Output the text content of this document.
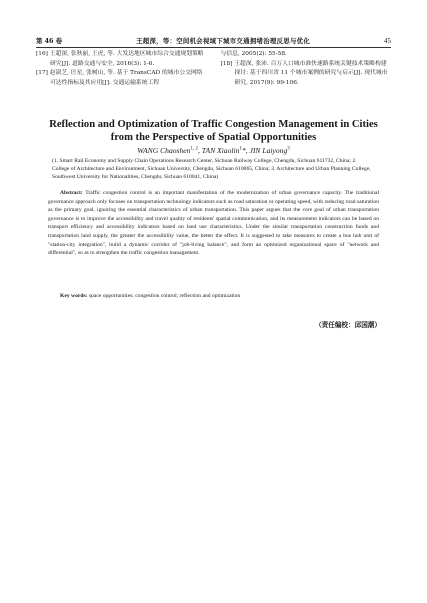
第 46 卷	王超深，等：空间机会视域下城市交通拥堵治理反思与优化	45
[16] 王超深, 张秋丽, 王虎, 等. 大发达地区城市综合交通规划策略研究[J]. 道路交通与安全, 2016(3): 1-6.
[17] 赵淑芝, 匡星, 张树山, 等. 基于 TransCAD 的城市公交网络可达性指标及其应用[J]. 交通运输系统工程
与信息, 2005(2): 55-58.
[18] 王超深, 张沛. 百万人口城市准快速路系统关键技术策略构建探讨: 基于四川省 11 个城市案例的研究与启示[J]. 现代城市研究, 2017(9): 99-106.
Reflection and Optimization of Traffic Congestion Management in Cities from the Perspective of Spatial Opportunities
WANG Chaoshen$^{1, 2}$, TAN Xiaolin$^1$*, JIN Laiyong$^3$
(1. Smart Rail Economy and Supply Chain Operations Research Center, Sichuan Railway College, Chengdu, Sichuan 611732, China; 2. College of Architecture and Environment, Sichuan University, Chengdu, Sichuan 610065, China; 3. Architecture and Urban Planning College, Southwest University for Nationalities, Chengdu, Sichuan 610041, China)
Abstract: Traffic congestion control is an important manifestation of the modernization of urban governance capacity. The traditional governance approach only focuses on transportation technology indicators such as road saturation or operating speed, with reducing road saturation as the primary goal, ignoring the essential characteristics of urban transportation. This paper argues that the core goal of urban transportation governance is to improve the accessibility and travel quality of residents' spatial communication, and its measurement indicators can be based on transport efficiency and accessibility indicators based on land use characteristics. Under the similar transportation construction funds and transportation land supply, the greater the accessibility value, the better the effect. It is suggested to take measures to create a bus hub unit of "station-city integration", build a dynamic corridor of "job-living balance", and form an optimized organizational space of "network and differential", so as to strengthen the traffic congestion management.
Key words: space opportunities; congestion control; reflection and optimization
（责任编校：邱国潮）
